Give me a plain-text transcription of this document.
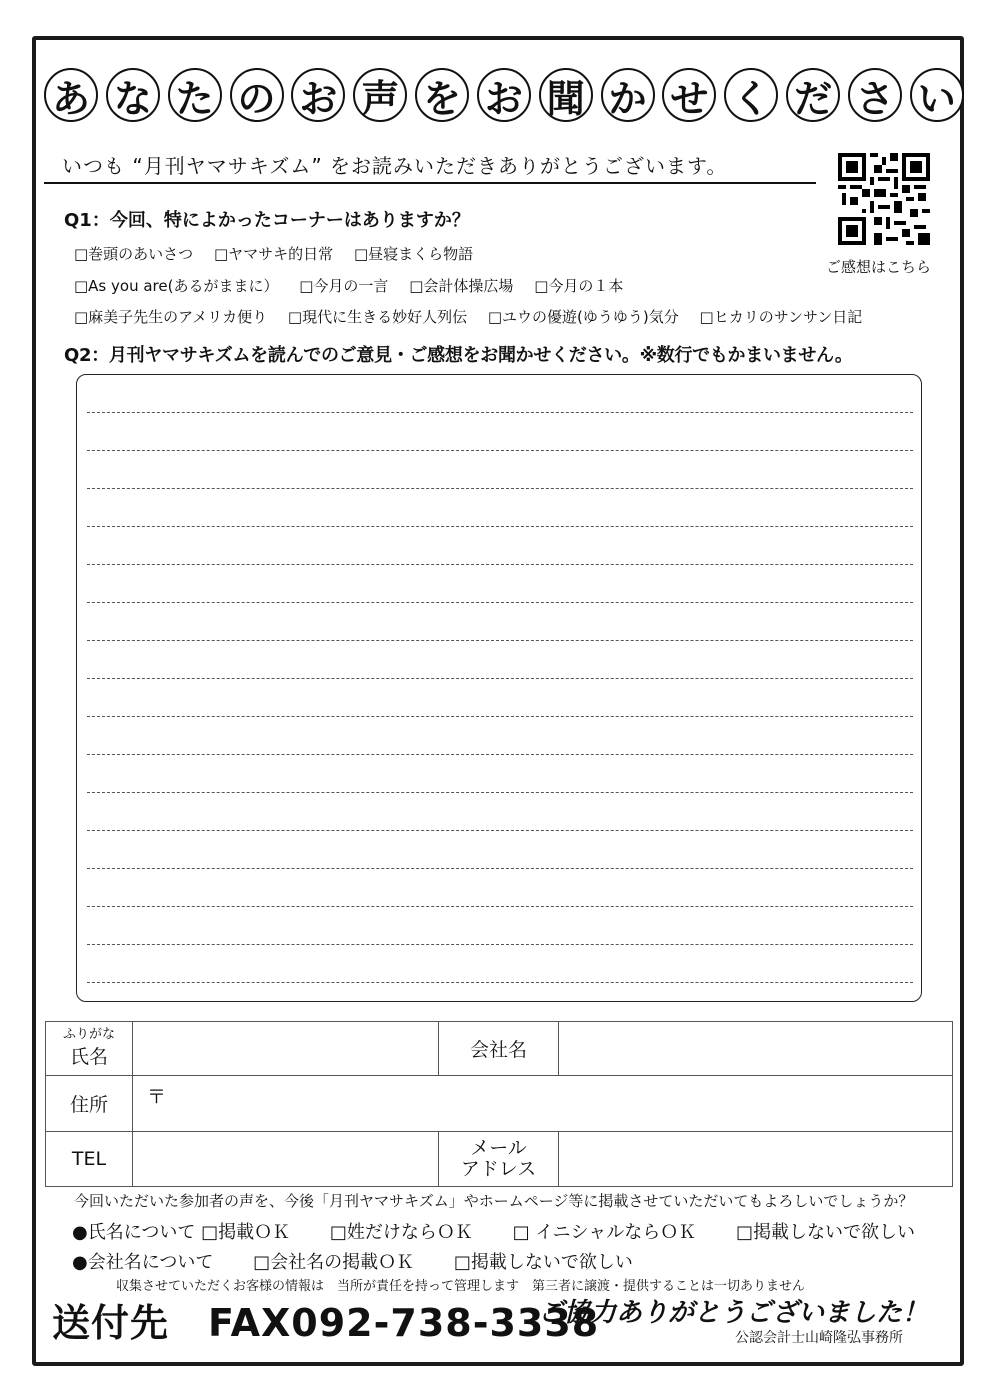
あ な た の お 声 を お 聞 か せ く だ さ い
いつも “月刊ヤマサキズム” をお読みいただきありがとうございます。
ご感想はこちら
Q1：今回、特によかったコーナーはありますか？
□巻頭のあいさつ □ヤマサキ的日常 □昼寝まくら物語
□As you are(あるがままに） □今月の一言 □会計体操広場 □今月の１本
□麻美子先生のアメリカ便り □現代に生きる妙好人列伝 □ユウの優遊(ゆうゆう)気分 □ヒカリのサンサン日記
Q2：月刊ヤマサキズムを読んでのご意見・ご感想をお聞かせください。※数行でもかまいません。
ふりがな
氏名		会社名	
住所	〒		
TEL		メール
アドレス	

今回いただいた参加者の声を、今後「月刊ヤマサキズム」やホームページ等に掲載させていただいてもよろしいでしょうか？
●氏名について □掲載ＯＫ □姓だけならＯＫ □ イニシャルならＯＫ □掲載しないで欲しい
●会社名について □会社名の掲載ＯＫ □掲載しないで欲しい
収集させていただくお客様の情報は　当所が責任を持って管理します　第三者に譲渡・提供することは一切ありません
送付先　FAX092-738-3338
ご協力ありがとうございました！
公認会計士山崎隆弘事務所
